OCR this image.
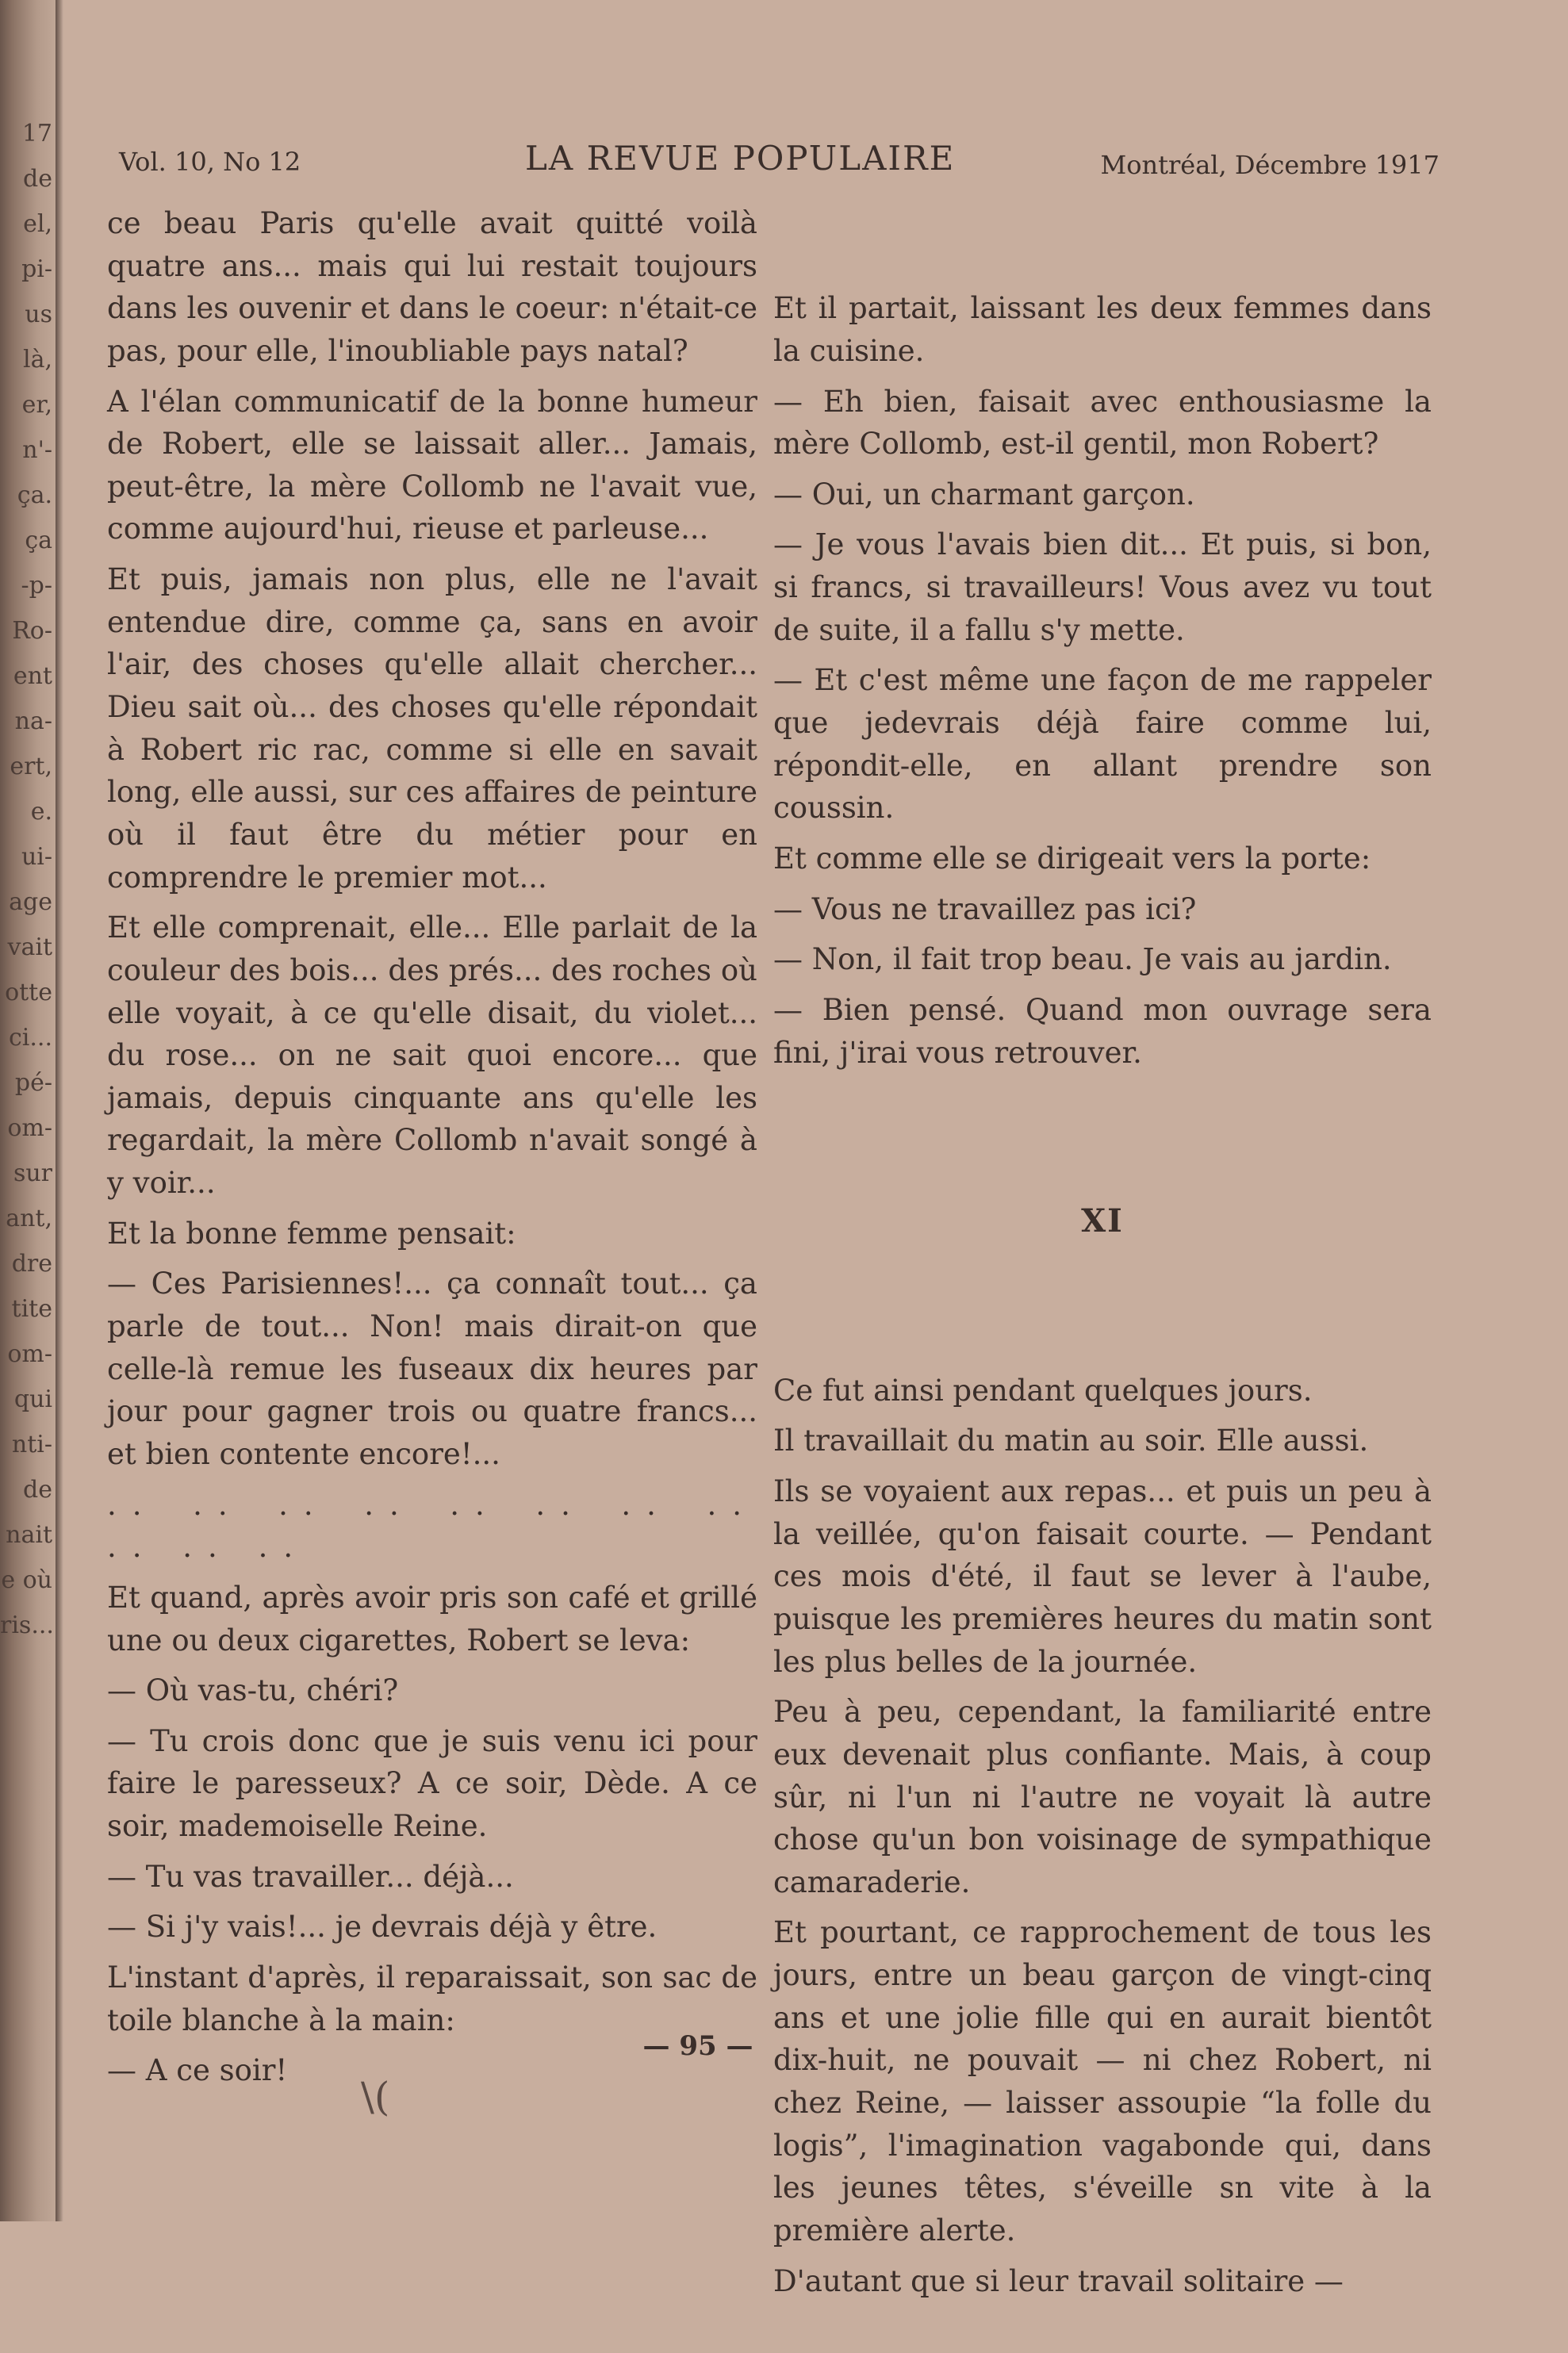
17
de
el,
pi-
us
là,
er,
n'-
ça.
ça
-p-
Ro-
ent
na-
ert,
e.
ui-
age
vait
otte
ci...
pé-
om-
sur
ant,
dre
tite
om-
qui
nti-
de
nait
e où
ris...
Vol. 10, No 12	LA REVUE POPULAIRE	Montréal, Décembre 1917

ce beau Paris qu'elle avait quitté voilà quatre ans... mais qui lui restait toujours dans les ouvenir et dans le coeur: n'était-ce pas, pour elle, l'inoubliable pays natal?

A l'élan communicatif de la bonne humeur de Robert, elle se laissait aller... Jamais, peut-être, la mère Collomb ne l'avait vue, comme aujourd'hui, rieuse et parleuse...

Et puis, jamais non plus, elle ne l'avait entendue dire, comme ça, sans en avoir l'air, des choses qu'elle allait chercher... Dieu sait où... des choses qu'elle répondait à Robert ric rac, comme si elle en savait long, elle aussi, sur ces affaires de peinture où il faut être du métier pour en comprendre le premier mot...

Et elle comprenait, elle... Elle parlait de la couleur des bois... des prés... des roches où elle voyait, à ce qu'elle disait, du violet... du rose... on ne sait quoi encore... que jamais, depuis cinquante ans qu'elle les regardait, la mère Collomb n'avait songé à y voir...

Et la bonne femme pensait:

— Ces Parisiennes!... ça connaît tout... ça parle de tout... Non! mais dirait-on que celle-là remue les fuseaux dix heures par jour pour gagner trois ou quatre francs... et bien contente encore!...

.. .. .. .. .. .. .. .. .. .. ..

Et quand, après avoir pris son café et grillé une ou deux cigarettes, Robert se leva:

— Où vas-tu, chéri?

— Tu crois donc que je suis venu ici pour faire le paresseux? A ce soir, Dède. A ce soir, mademoiselle Reine.

— Tu vas travailler... déjà...

— Si j'y vais!... je devrais déjà y être.

L'instant d'après, il reparaissait, son sac de toile blanche à la main:

— A ce soir!

Et il partait, laissant les deux femmes dans la cuisine.

— Eh bien, faisait avec enthousiasme la mère Collomb, est-il gentil, mon Robert?

— Oui, un charmant garçon.

— Je vous l'avais bien dit... Et puis, si bon, si francs, si travailleurs! Vous avez vu tout de suite, il a fallu s'y mette.

— Et c'est même une façon de me rappeler que jedevrais déjà faire comme lui, répondit-elle, en allant prendre son coussin.

Et comme elle se dirigeait vers la porte:

— Vous ne travaillez pas ici?

— Non, il fait trop beau. Je vais au jardin.

— Bien pensé. Quand mon ouvrage sera fini, j'irai vous retrouver.

XI

Ce fut ainsi pendant quelques jours.

Il travaillait du matin au soir. Elle aussi.

Ils se voyaient aux repas... et puis un peu à la veillée, qu'on faisait courte. — Pendant ces mois d'été, il faut se lever à l'aube, puisque les premières heures du matin sont les plus belles de la journée.

Peu à peu, cependant, la familiarité entre eux devenait plus confiante. Mais, à coup sûr, ni l'un ni l'autre ne voyait là autre chose qu'un bon voisinage de sympathique camaraderie.

Et pourtant, ce rapprochement de tous les jours, entre un beau garçon de vingt-cinq ans et une jolie fille qui en aurait bientôt dix-huit, ne pouvait — ni chez Robert, ni chez Reine, — laisser assoupie “la folle du logis”, l'imagination vagabonde qui, dans les jeunes têtes, s'éveille sn vite à la première alerte.

D'autant que si leur travail solitaire —

— 95 —
\(
